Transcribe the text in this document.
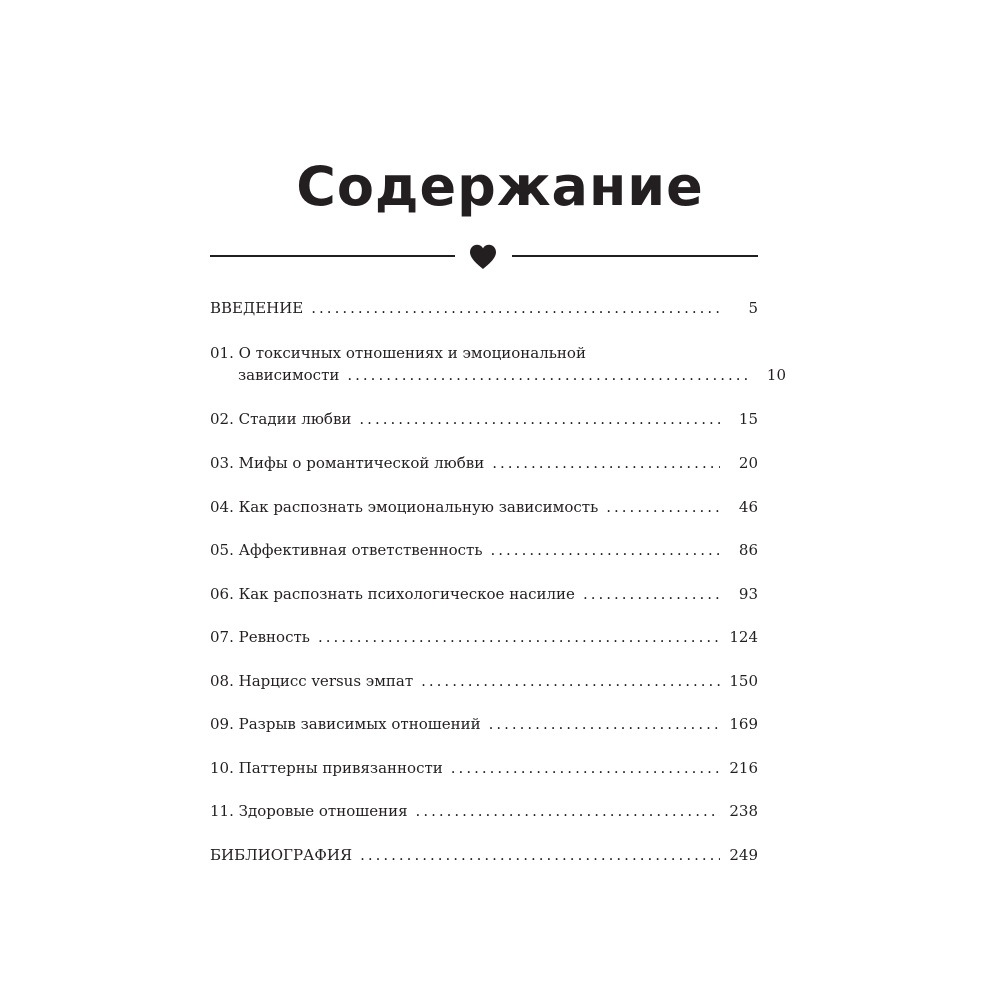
Содержание
ВВЕДЕНИЕ .....	5
01. О токсичных отношениях и эмоциональной
зависимости .....	10
02. Стадии любви .....	15
03. Мифы о романтической любви .....	20
04. Как распознать эмоциональную зависимость .....	46
05. Аффективная ответственность .....	86
06. Как распознать психологическое насилие .....	93
07. Ревность .....	124
08. Нарцисс versus эмпат .....	150
09. Разрыв зависимых отношений .....	169
10. Паттерны привязанности .....	216
11. Здоровые отношения .....	238
БИБЛИОГРАФИЯ .....	249
